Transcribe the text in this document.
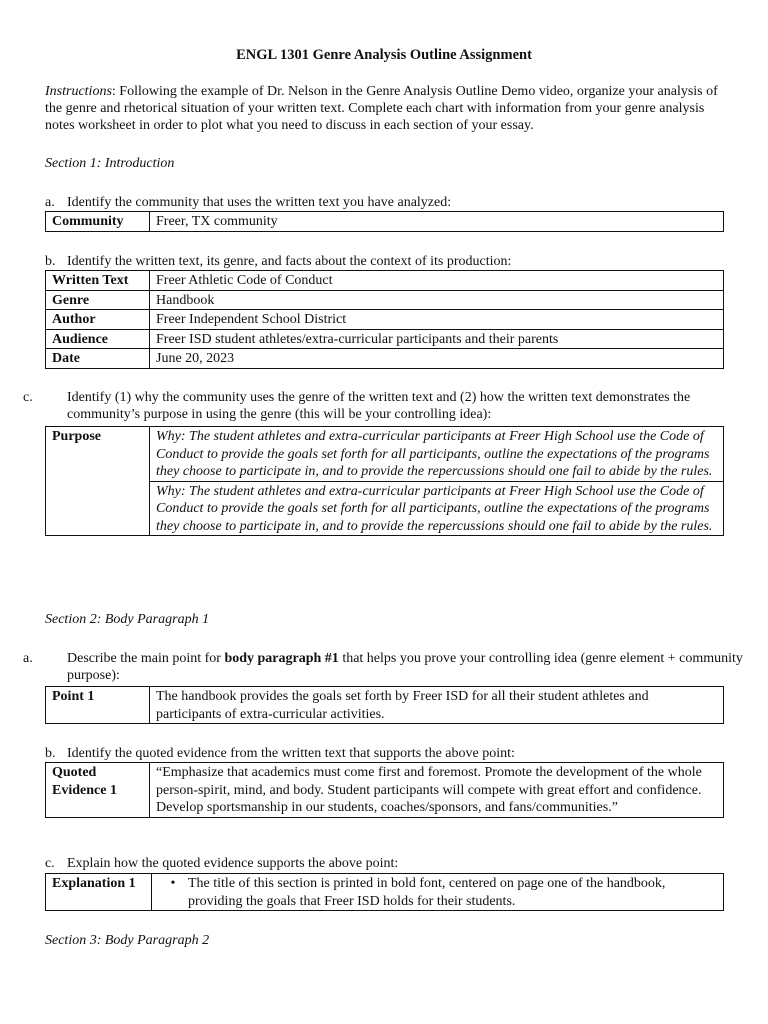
ENGL 1301 Genre Analysis Outline Assignment
Instructions: Following the example of Dr. Nelson in the Genre Analysis Outline Demo video, organize your analysis of the genre and rhetorical situation of your written text. Complete each chart with information from your genre analysis notes worksheet in order to plot what you need to discuss in each section of your essay.
Section 1: Introduction
a. Identify the community that uses the written text you have analyzed:
Community	Freer, TX community
b. Identify the written text, its genre, and facts about the context of its production:
Written Text	Freer Athletic Code of Conduct
Genre	Handbook
Author	Freer Independent School District
Audience	Freer ISD student athletes/extra-curricular participants and their parents
Date	June 20, 2023
c. Identify (1) why the community uses the genre of the written text and (2) how the written text demonstrates the community’s purpose in using the genre (this will be your controlling idea):
Purpose	Why: The student athletes and extra-curricular participants at Freer High School use the Code of Conduct to provide the goals set forth for all participants, outline the expectations of the programs they choose to participate in, and to provide the repercussions should one fail to abide by the rules.
Why: The student athletes and extra-curricular participants at Freer High School use the Code of Conduct to provide the goals set forth for all participants, outline the expectations of the programs they choose to participate in, and to provide the repercussions should one fail to abide by the rules.
Section 2: Body Paragraph 1
a. Describe the main point for body paragraph #1 that helps you prove your controlling idea (genre element + community purpose):
Point 1	The handbook provides the goals set forth by Freer ISD for all their student athletes and participants of extra-curricular activities.
b. Identify the quoted evidence from the written text that supports the above point:
Quoted Evidence 1	“Emphasize that academics must come first and foremost. Promote the development of the whole person-spirit, mind, and body. Student participants will compete with great effort and confidence. Develop sportsmanship in our students, coaches/sponsors, and fans/communities.”
c. Explain how the quoted evidence supports the above point:
Explanation 1	• The title of this section is printed in bold font, centered on page one of the handbook, providing the goals that Freer ISD holds for their students.
Section 3: Body Paragraph 2
